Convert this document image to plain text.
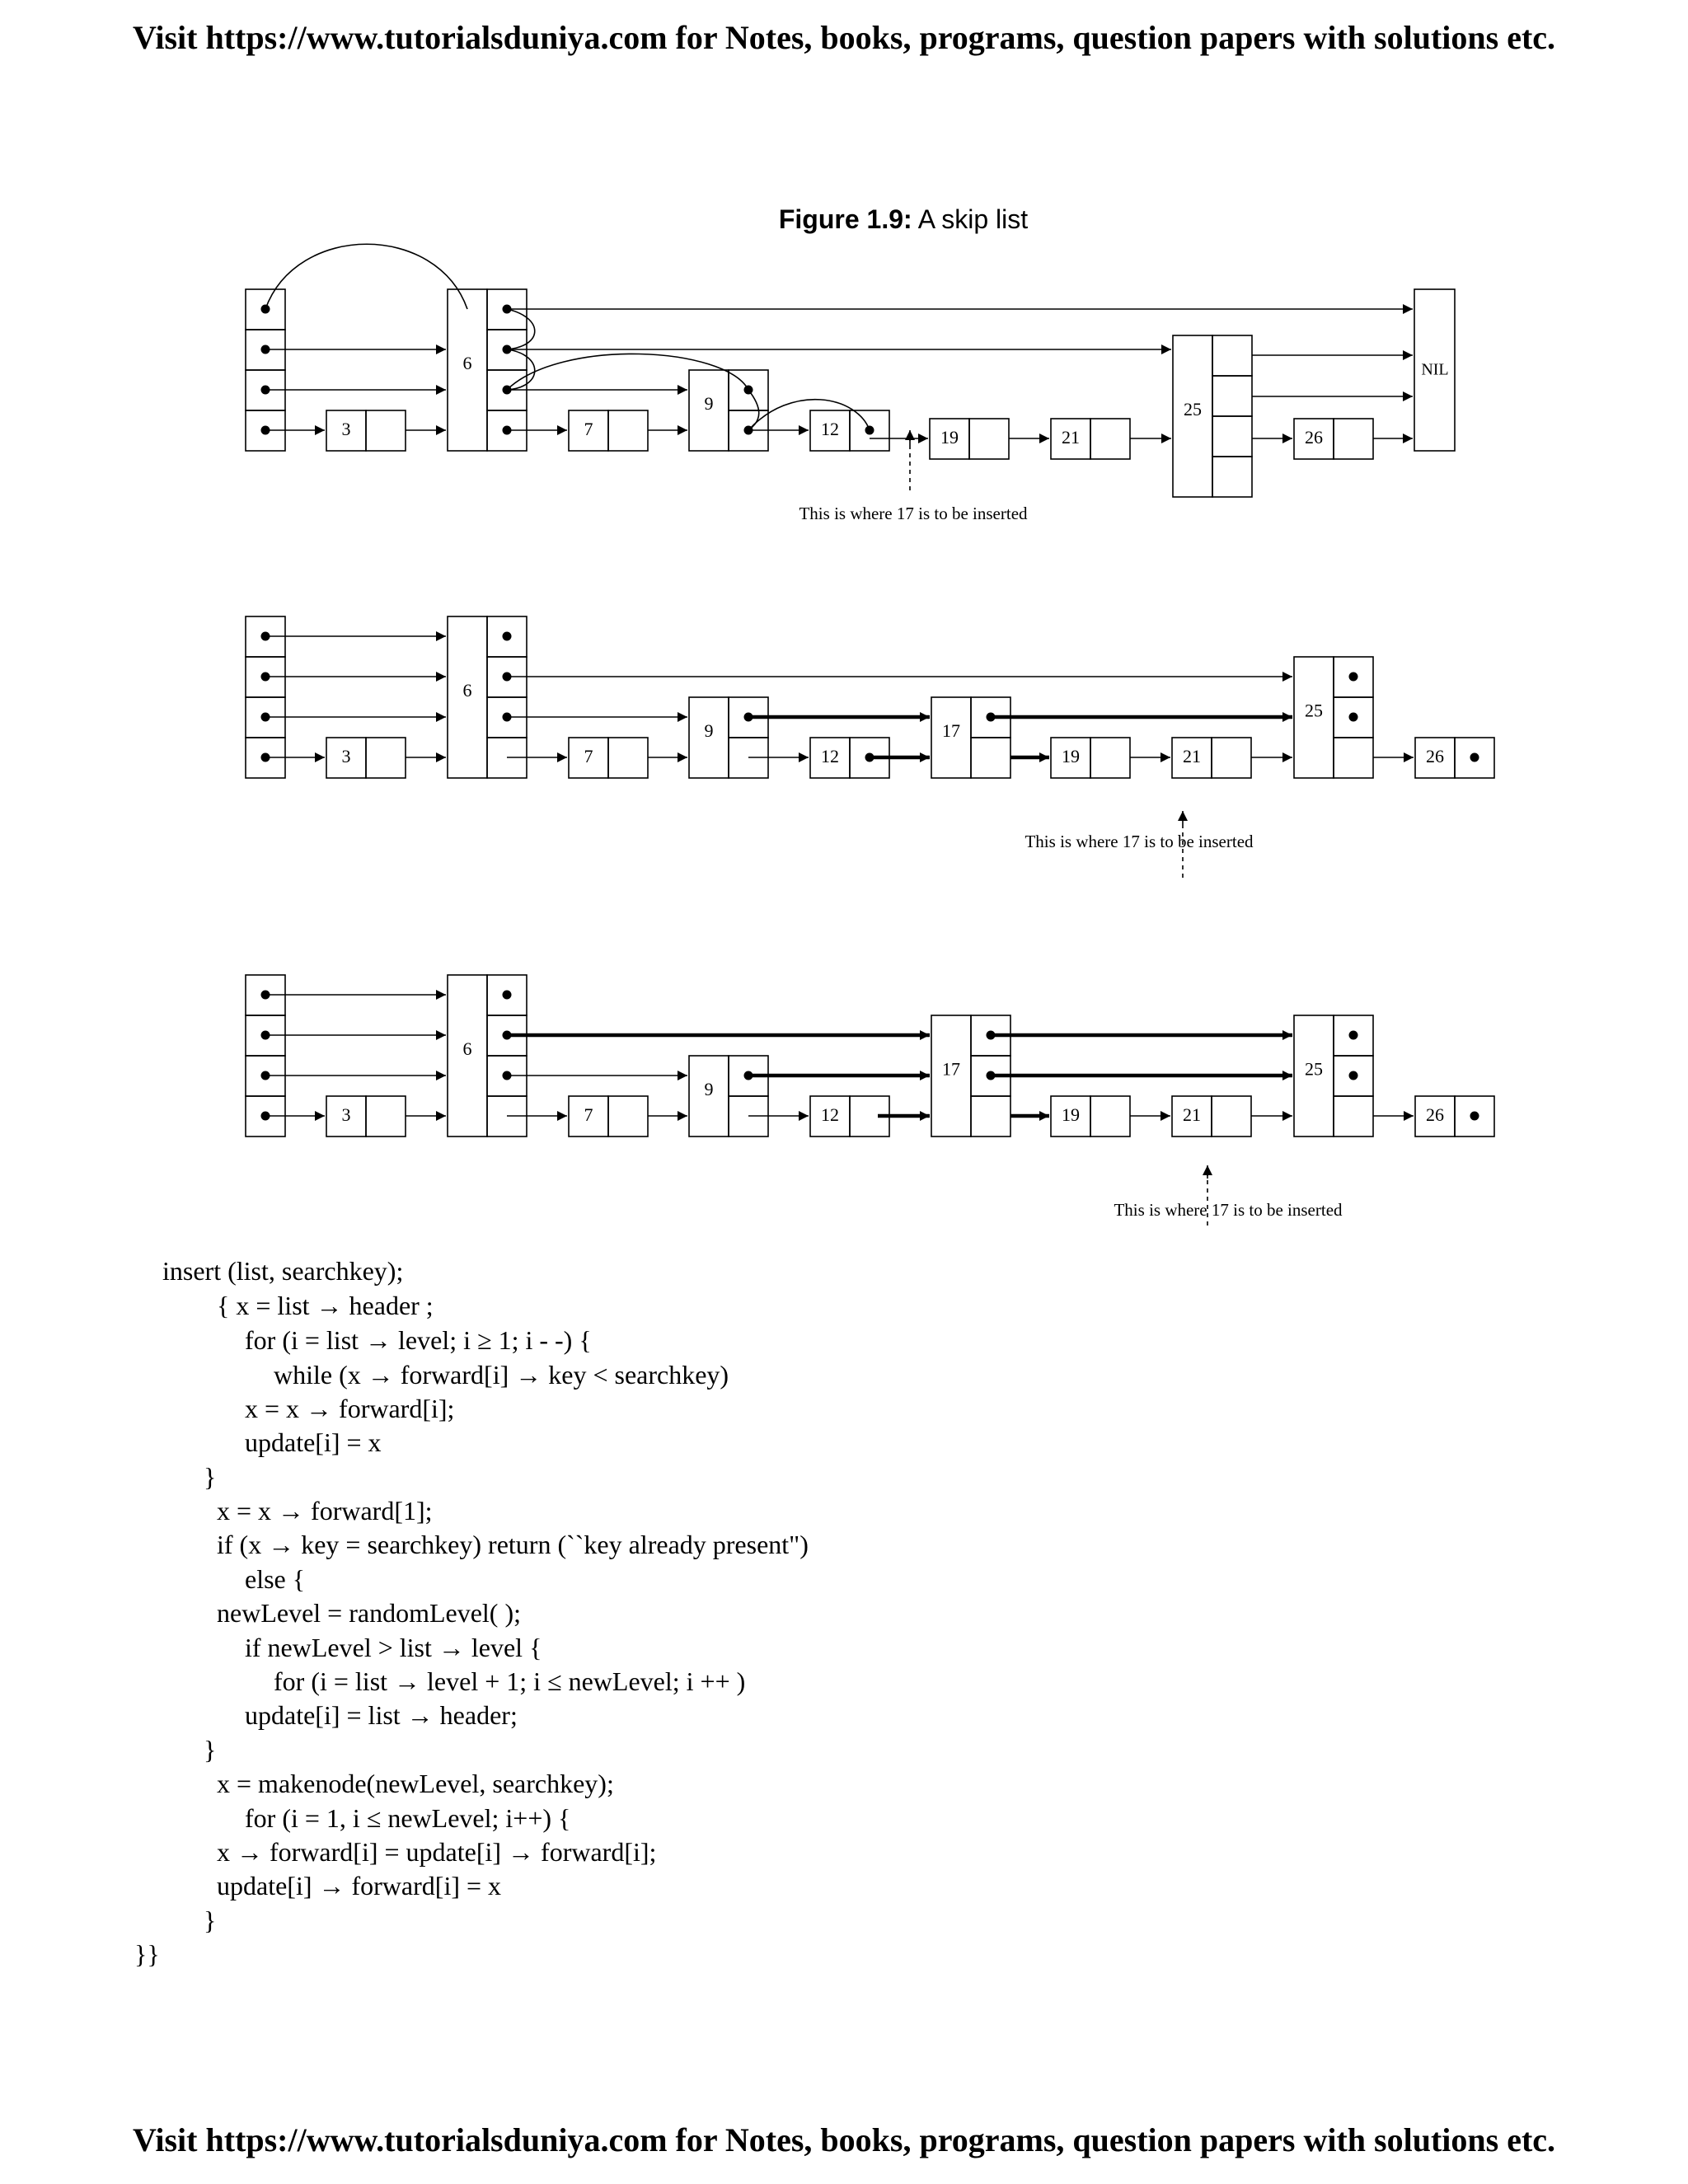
Visit https://www.tutorialsduniya.com for Notes, books, programs, question papers with solutions etc.
Figure 1.9: A skip list
6
3	7
9
12	19	21
25
26
NIL
This is where 17 is to be inserted
6
3	7
9
12
17
19	21
25
26
This is where 17 is to be inserted
6
3	7
9
12
17
19	21
25
26
This is where 17 is to be inserted
insert (list, searchkey);
{ x = list → header ;
for (i = list → level; i ≥ 1; i - -) {
while (x → forward[i] → key < searchkey)
x = x → forward[i];
update[i] = x
}
x = x → forward[1];
if (x → key = searchkey) return (``key already present")
else {
newLevel = randomLevel( );
if newLevel > list → level {
for (i = list → level + 1; i ≤ newLevel; i ++ )
update[i] = list → header;
}
x = makenode(newLevel, searchkey);
for (i = 1, i ≤ newLevel; i++) {
x → forward[i] = update[i] → forward[i];
update[i] → forward[i] = x
}
}}
Visit https://www.tutorialsduniya.com for Notes, books, programs, question papers with solutions etc.
